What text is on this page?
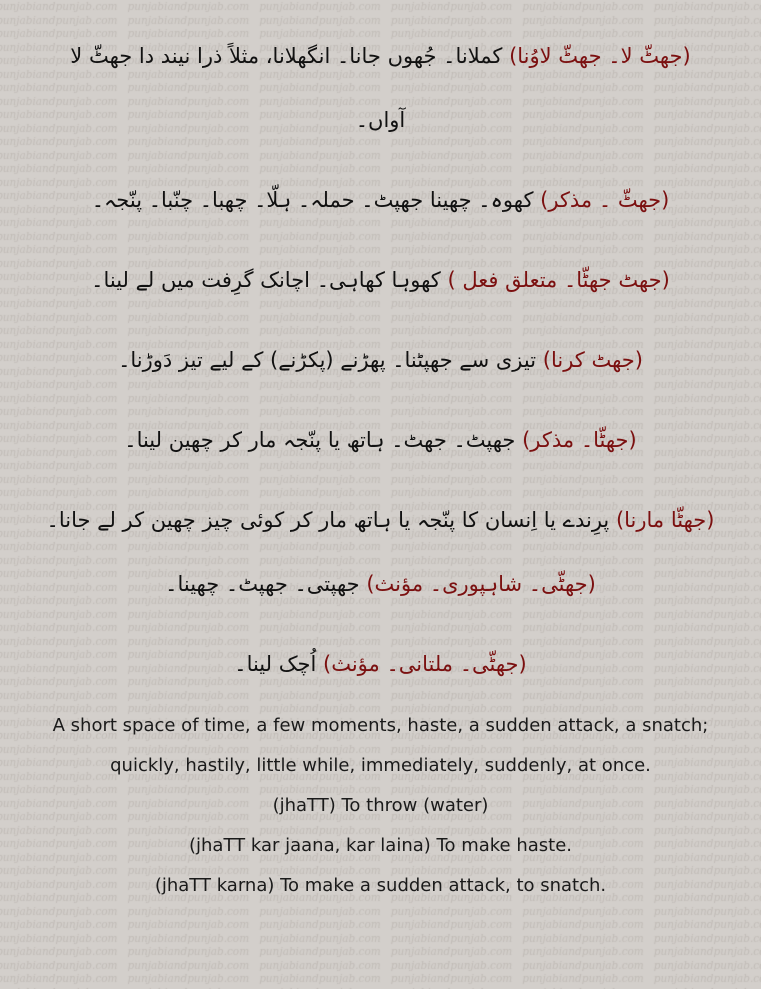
(جھٹّ لا۔ جھٹّ لاوُنا) کملانا۔ جُھوں جانا۔ انگھلانا، مثلاً ذرا نیند دا جھٹّ لا
آواں۔
(جھٹّ ۔ مذکر) کھوہ۔ چھینا جھپٹ۔ حملہ۔ ہلّا۔ چھبا۔ چنّبا۔ پنّجہ۔
(جھٹ جھٹّا۔ متعلق فعل ) کھوہا کھاہی۔ اچانک گرِفت میں لے لینا۔
(جھٹ کرنا) تیزی سے جھپٹنا۔ پھڑنے (پکڑنے) کے لیے تیز دَوڑنا۔
(جھٹّا۔ مذکر) جھپٹ۔ جھٹ۔ ہاتھ یا پنّجہ مار کر چھین لینا۔
(جھٹّا مارنا) پرِندے یا اِنسان کا پنّجہ یا ہاتھ مار کر کوئی چیز چھین کر لے جانا۔
(جھٹّی۔ شاہپوری۔ مؤنث) جھپتی۔ جھپٹ۔ چھینا۔
(جھٹّی۔ ملتانی۔ مؤنث) اُچک لینا۔
A short space of time, a few moments, haste, a sudden attack, a snatch; quickly, hastily, little while, immediately, suddenly, at once.
(jhaTT) To throw (water)
(jhaTT kar jaana, kar laina) To make haste.
(jhaTT karna) To make a sudden attack, to snatch.
